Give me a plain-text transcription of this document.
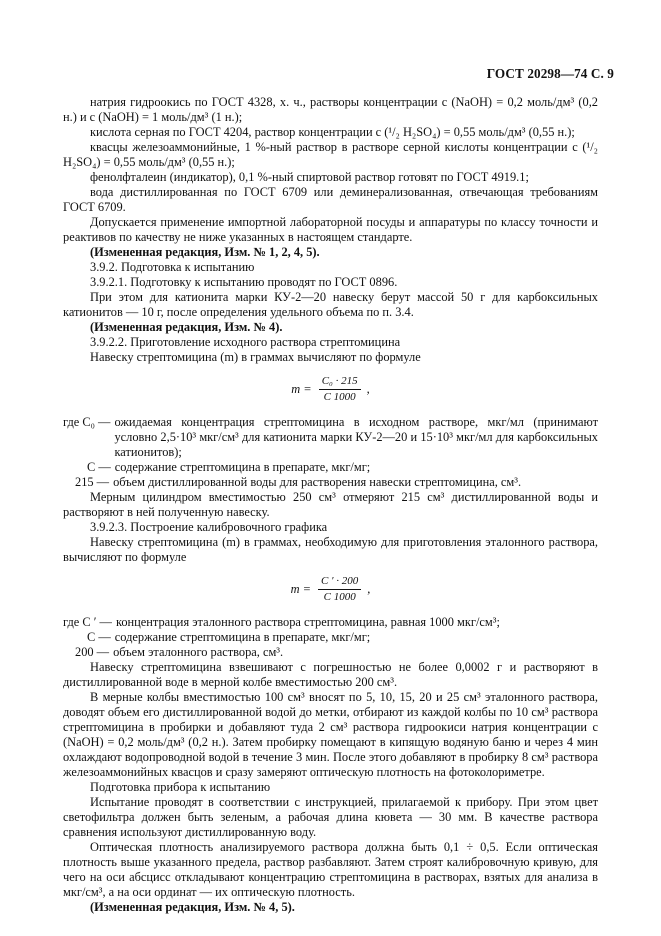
ГОСТ 20298—74 С. 9

натрия гидроокись по ГОСТ 4328, х. ч., растворы концентрации c (NaOH) = 0,2 моль/дм³ (0,2 н.) и c (NaOH) = 1 моль/дм³ (1 н.);

кислота серная по ГОСТ 4204, раствор концентрации c (¹/₂ H₂SO₄) = 0,55 моль/дм³ (0,55 н.);

квасцы железоаммонийные, 1 %-ный раствор в растворе серной кислоты концентрации c (¹/₂ H₂SO₄) = 0,55 моль/дм³ (0,55 н.);

фенолфталеин (индикатор), 0,1 %-ный спиртовой раствор готовят по ГОСТ 4919.1;

вода дистиллированная по ГОСТ 6709 или деминерализованная, отвечающая требованиям ГОСТ 6709.

Допускается применение импортной лабораторной посуды и аппаратуры по классу точности и реактивов по качеству не ниже указанных в настоящем стандарте.

(Измененная редакция, Изм. № 1, 2, 4, 5).

3.9.2. Подготовка к испытанию

3.9.2.1. Подготовку к испытанию проводят по ГОСТ 0896.

При этом для катионита марки КУ-2—20 навеску берут массой 50 г для карбоксильных катионитов — 10 г, после определения удельного объема по п. 3.4.

(Измененная редакция, Изм. № 4).

3.9.2.2. Приготовление исходного раствора стрептомицина

Навеску стрептомицина (m) в граммах вычисляют по формуле

$m = \frac{\text{C₀ · 215}}{C 1000}$ ,
где C₀ — ожидаемая концентрация стрептомицина в исходном растворе, мкг/мл (принимают условно 2,5·10³ мкг/см³ для катионита марки КУ-2—20 и 15·10³ мкг/мл для карбоксильных катионитов);
C — содержание стрептомицина в препарате, мкг/мг;
215 — объем дистиллированной воды для растворения навески стрептомицина, см³.

Мерным цилиндром вместимостью 250 см³ отмеряют 215 см³ дистиллированной воды и растворяют в ней полученную навеску.

3.9.2.3. Построение калибровочного графика

Навеску стрептомицина (m) в граммах, необходимую для приготовления эталонного раствора, вычисляют по формуле

$m = \frac{C ' \cdot 200}{C 1000}$ ,
где C ′ — концентрация эталонного раствора стрептомицина, равная 1000 мкг/см³;
C — содержание стрептомицина в препарате, мкг/мг;
200 — объем эталонного раствора, см³.

Навеску стрептомицина взвешивают с погрешностью не более 0,0002 г и растворяют в дистиллированной воде в мерной колбе вместимостью 200 см³.

В мерные колбы вместимостью 100 см³ вносят по 5, 10, 15, 20 и 25 см³ эталонного раствора, доводят объем его дистиллированной водой до метки, отбирают из каждой колбы по 10 см³ раствора стрептомицина в пробирки и добавляют туда 2 см³ раствора гидроокиси натрия концентрации c (NaOH) = 0,2 моль/дм³ (0,2 н.). Затем пробирку помещают в кипящую водяную баню и через 4 мин охлаждают водопроводной водой в течение 3 мин. После этого добавляют в пробирку 8 см³ раствора железоаммонийных квасцов и сразу замеряют оптическую плотность на фотоколориметре.

Подготовка прибора к испытанию

Испытание проводят в соответствии с инструкцией, прилагаемой к прибору. При этом цвет светофильтра должен быть зеленым, а рабочая длина кювета — 30 мм. В качестве раствора сравнения используют дистиллированную воду.

Оптическая плотность анализируемого раствора должна быть 0,1 ÷ 0,5. Если оптическая плотность выше указанного предела, раствор разбавляют. Затем строят калибровочную кривую, для чего на оси абсцисс откладывают концентрацию стрептомицина в растворах, взятых для анализа в мкг/см³, а на оси ординат — их оптическую плотность.

(Измененная редакция, Изм. № 4, 5).
